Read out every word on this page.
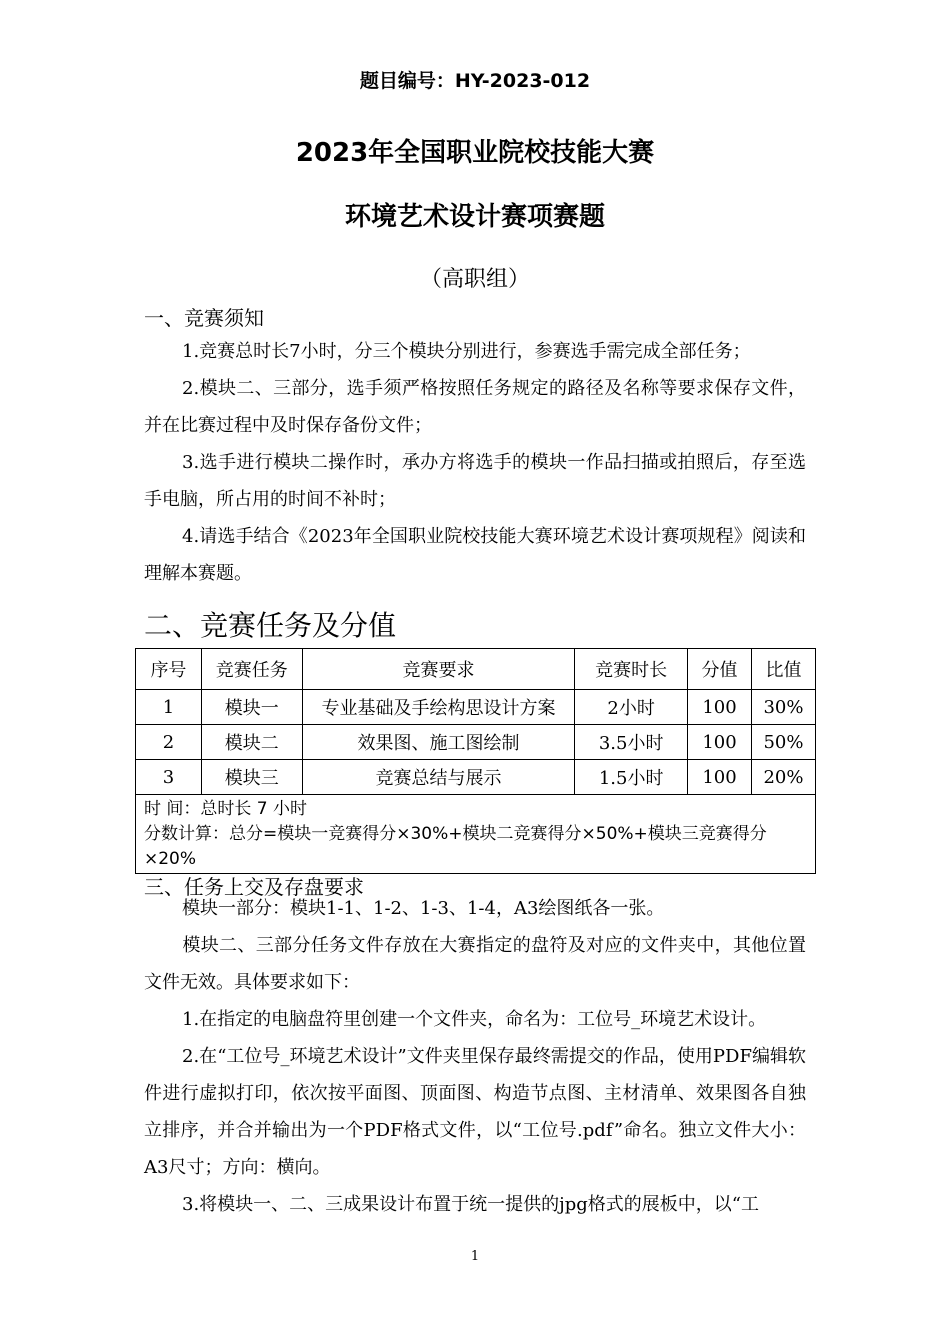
题目编号：HY-2023-012
2023年全国职业院校技能大赛
环境艺术设计赛项赛题
（高职组）
一、竞赛须知
1.竞赛总时长7小时，分三个模块分别进行，参赛选手需完成全部任务；
2.模块二、三部分，选手须严格按照任务规定的路径及名称等要求保存文件，并在比赛过程中及时保存备份文件；
3.选手进行模块二操作时，承办方将选手的模块一作品扫描或拍照后，存至选手电脑，所占用的时间不补时；
4.请选手结合《2023年全国职业院校技能大赛环境艺术设计赛项规程》阅读和理解本赛题。
二、竞赛任务及分值
序号	竞赛任务	竞赛要求	竞赛时长	分值	比值
1	模块一	专业基础及手绘构思设计方案	2小时	100	30%
2	模块二	效果图、施工图绘制	3.5小时	100	50%
3	模块三	竞赛总结与展示	1.5小时	100	20%

时 间：总时长 7 小时
分数计算：总分=模块一竞赛得分×30%+模块二竞赛得分×50%+模块三竞赛得分×20%					
三、任务上交及存盘要求
模块一部分：模块1-1、1-2、1-3、1-4，A3绘图纸各一张。
模块二、三部分任务文件存放在大赛指定的盘符及对应的文件夹中，其他位置文件无效。具体要求如下：
1.在指定的电脑盘符里创建一个文件夹，命名为：工位号_环境艺术设计。
2.在“工位号_环境艺术设计”文件夹里保存最终需提交的作品，使用PDF编辑软件进行虚拟打印，依次按平面图、顶面图、构造节点图、主材清单、效果图各自独立排序，并合并输出为一个PDF格式文件，以“工位号.pdf”命名。独立文件大小：A3尺寸；方向：横向。
3.将模块一、二、三成果设计布置于统一提供的jpg格式的展板中，以“工
1
